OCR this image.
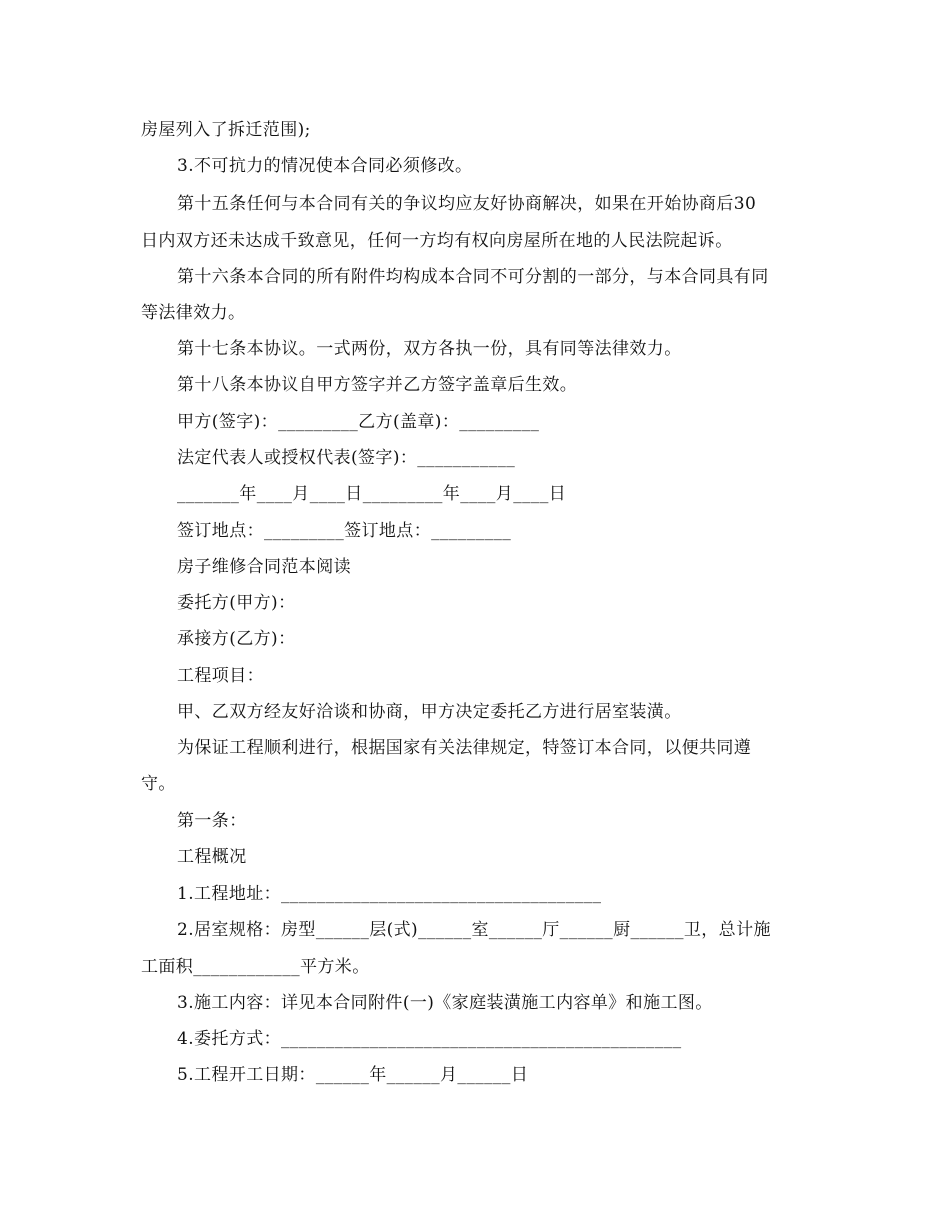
房屋列入了拆迁范围);
3.不可抗力的情况使本合同必须修改。
第十五条任何与本合同有关的争议均应友好协商解决，如果在开始协商后30
日内双方还未达成千致意见，任何一方均有权向房屋所在地的人民法院起诉。
第十六条本合同的所有附件均构成本合同不可分割的一部分，与本合同具有同
等法律效力。
第十七条本协议。一式两份，双方各执一份，具有同等法律效力。
第十八条本协议自甲方签字并乙方签字盖章后生效。
甲方(签字)：_________乙方(盖章)：_________
法定代表人或授权代表(签字)：___________
_______年____月____日_________年____月____日
签订地点：_________签订地点：_________
房子维修合同范本阅读
委托方(甲方)：
承接方(乙方)：
工程项目：
甲、乙双方经友好洽谈和协商，甲方决定委托乙方进行居室装潢。
为保证工程顺利进行，根据国家有关法律规定，特签订本合同，以便共同遵
守。
第一条：
工程概况
1.工程地址：____________________________________
2.居室规格：房型______层(式)______室______厅______厨______卫，总计施
工面积____________平方米。
3.施工内容：详见本合同附件(一)《家庭装潢施工内容单》和施工图。
4.委托方式：_____________________________________________
5.工程开工日期：______年______月______日
